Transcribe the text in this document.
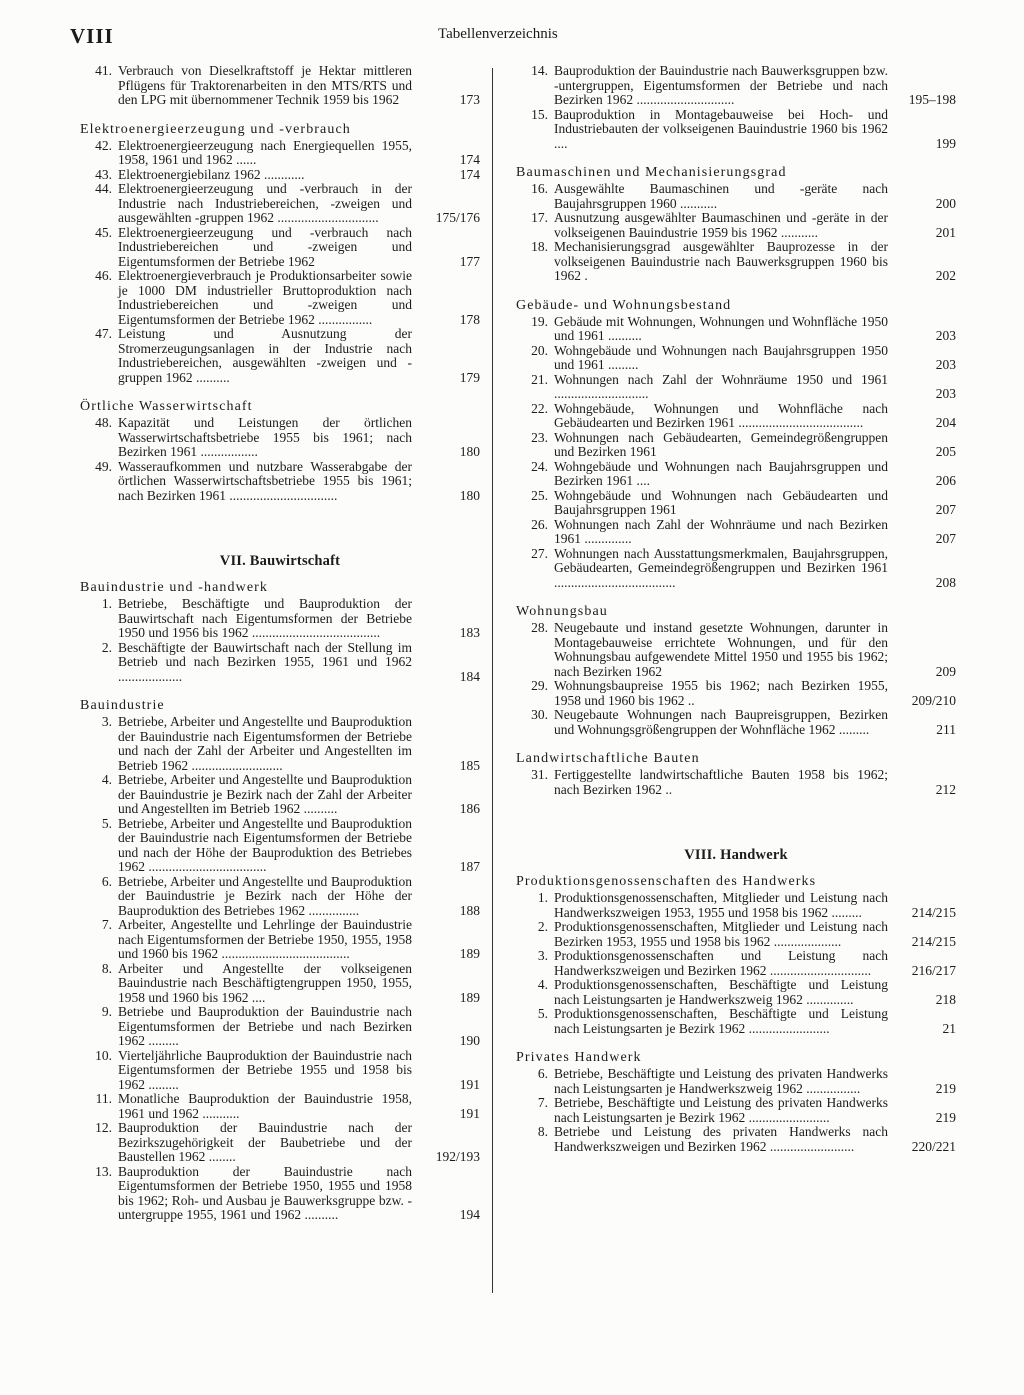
VIII	Tabellenverzeichnis
41. Verbrauch von Dieselkraftstoff je Hektar mittleren Pflügens für Traktorenarbeiten in den MTS/RTS und den LPG mit übernommener Technik 1959 bis 1962	173
Elektroenergieerzeugung und -verbrauch
42. Elektroenergieerzeugung nach Energiequellen 1955, 1958, 1961 und 1962 ......	174
43. Elektroenergiebilanz 1962 ............	174
44. Elektroenergieerzeugung und -verbrauch in der Industrie nach Industriebereichen, -zweigen und ausgewählten -gruppen 1962 ..............................	175/176
45. Elektroenergieerzeugung und -verbrauch nach Industriebereichen und -zweigen und Eigentumsformen der Betriebe 1962	177
46. Elektroenergieverbrauch je Produktionsarbeiter sowie je 1000 DM industrieller Bruttoproduktion nach Industriebereichen und -zweigen und Eigentumsformen der Betriebe 1962 ................	178
47. Leistung und Ausnutzung der Stromerzeugungsanlagen in der Industrie nach Industriebereichen, ausgewählten -zweigen und -gruppen 1962 ..........	179
Örtliche Wasserwirtschaft
48. Kapazität und Leistungen der örtlichen Wasserwirtschaftsbetriebe 1955 bis 1961; nach Bezirken 1961 .................	180
49. Wasseraufkommen und nutzbare Wasserabgabe der örtlichen Wasserwirtschaftsbetriebe 1955 bis 1961; nach Bezirken 1961 ................................	180
VII. Bauwirtschaft
Bauindustrie und -handwerk
1. Betriebe, Beschäftigte und Bauproduktion der Bauwirtschaft nach Eigentumsformen der Betriebe 1950 und 1956 bis 1962 ......................................	183
2. Beschäftigte der Bauwirtschaft nach der Stellung im Betrieb und nach Bezirken 1955, 1961 und 1962 ...................	184
Bauindustrie
3. Betriebe, Arbeiter und Angestellte und Bauproduktion der Bauindustrie nach Eigentumsformen der Betriebe und nach der Zahl der Arbeiter und Angestellten im Betrieb 1962 ...........................	185
4. Betriebe, Arbeiter und Angestellte und Bauproduktion der Bauindustrie je Bezirk nach der Zahl der Arbeiter und Angestellten im Betrieb 1962 ..........	186
5. Betriebe, Arbeiter und Angestellte und Bauproduktion der Bauindustrie nach Eigentumsformen der Betriebe und nach der Höhe der Bauproduktion des Betriebes 1962 ...................................	187
6. Betriebe, Arbeiter und Angestellte und Bauproduktion der Bauindustrie je Bezirk nach der Höhe der Bauproduktion des Betriebes 1962 ...............	188
7. Arbeiter, Angestellte und Lehrlinge der Bauindustrie nach Eigentumsformen der Betriebe 1950, 1955, 1958 und 1960 bis 1962 ......................................	189
8. Arbeiter und Angestellte der volkseigenen Bauindustrie nach Beschäftigtengruppen 1950, 1955, 1958 und 1960 bis 1962 ....	189
9. Betriebe und Bauproduktion der Bauindustrie nach Eigentumsformen der Betriebe und nach Bezirken 1962 .........	190
10. Vierteljährliche Bauproduktion der Bauindustrie nach Eigentumsformen der Betriebe 1955 und 1958 bis 1962 .........	191
11. Monatliche Bauproduktion der Bauindustrie 1958, 1961 und 1962 ...........	191
12. Bauproduktion der Bauindustrie nach der Bezirkszugehörigkeit der Baubetriebe und der Baustellen 1962 ........	192/193
13. Bauproduktion der Bauindustrie nach Eigentumsformen der Betriebe 1950, 1955 und 1958 bis 1962; Roh- und Ausbau je Bauwerksgruppe bzw. -untergruppe 1955, 1961 und 1962 ..........	194
14. Bauproduktion der Bauindustrie nach Bauwerksgruppen bzw. -untergruppen, Eigentumsformen der Betriebe und nach Bezirken 1962 .............................	195–198
15. Bauproduktion in Montagebauweise bei Hoch- und Industriebauten der volkseigenen Bauindustrie 1960 bis 1962 ....	199
Baumaschinen und Mechanisierungsgrad
16. Ausgewählte Baumaschinen und -geräte nach Baujahrsgruppen 1960 ...........	200
17. Ausnutzung ausgewählter Baumaschinen und -geräte in der volkseigenen Bauindustrie 1959 bis 1962 ...........	201
18. Mechanisierungsgrad ausgewählter Bauprozesse in der volkseigenen Bauindustrie nach Bauwerksgruppen 1960 bis 1962 .	202
Gebäude- und Wohnungsbestand
19. Gebäude mit Wohnungen, Wohnungen und Wohnfläche 1950 und 1961 ..........	203
20. Wohngebäude und Wohnungen nach Baujahrsgruppen 1950 und 1961 .........	203
21. Wohnungen nach Zahl der Wohnräume 1950 und 1961 ............................	203
22. Wohngebäude, Wohnungen und Wohnfläche nach Gebäudearten und Bezirken 1961 .....................................	204
23. Wohnungen nach Gebäudearten, Gemeindegrößengruppen und Bezirken 1961	205
24. Wohngebäude und Wohnungen nach Baujahrsgruppen und Bezirken 1961 ....	206
25. Wohngebäude und Wohnungen nach Gebäudearten und Baujahrsgruppen 1961	207
26. Wohnungen nach Zahl der Wohnräume und nach Bezirken 1961 ..............	207
27. Wohnungen nach Ausstattungsmerkmalen, Baujahrsgruppen, Gebäudearten, Gemeindegrößengruppen und Bezirken 1961 ....................................	208
Wohnungsbau
28. Neugebaute und instand gesetzte Wohnungen, darunter in Montagebauweise errichtete Wohnungen, und für den Wohnungsbau aufgewendete Mittel 1950 und 1955 bis 1962; nach Bezirken 1962	209
29. Wohnungsbaupreise 1955 bis 1962; nach Bezirken 1955, 1958 und 1960 bis 1962 ..	209/210
30. Neugebaute Wohnungen nach Baupreisgruppen, Bezirken und Wohnungsgrößengruppen der Wohnfläche 1962 .........	211
Landwirtschaftliche Bauten
31. Fertiggestellte landwirtschaftliche Bauten 1958 bis 1962; nach Bezirken 1962 ..	212
VIII. Handwerk
Produktionsgenossenschaften des Handwerks
1. Produktionsgenossenschaften, Mitglieder und Leistung nach Handwerkszweigen 1953, 1955 und 1958 bis 1962 .........	214/215
2. Produktionsgenossenschaften, Mitglieder und Leistung nach Bezirken 1953, 1955 und 1958 bis 1962 ....................	214/215
3. Produktionsgenossenschaften und Leistung nach Handwerkszweigen und Bezirken 1962 ..............................	216/217
4. Produktionsgenossenschaften, Beschäftigte und Leistung nach Leistungsarten je Handwerkszweig 1962 ..............	218
5. Produktionsgenossenschaften, Beschäftigte und Leistung nach Leistungsarten je Bezirk 1962 ........................	21
Privates Handwerk
6. Betriebe, Beschäftigte und Leistung des privaten Handwerks nach Leistungsarten je Handwerkszweig 1962 ................	219
7. Betriebe, Beschäftigte und Leistung des privaten Handwerks nach Leistungsarten je Bezirk 1962 ........................	219
8. Betriebe und Leistung des privaten Handwerks nach Handwerkszweigen und Bezirken 1962 .........................	220/221
